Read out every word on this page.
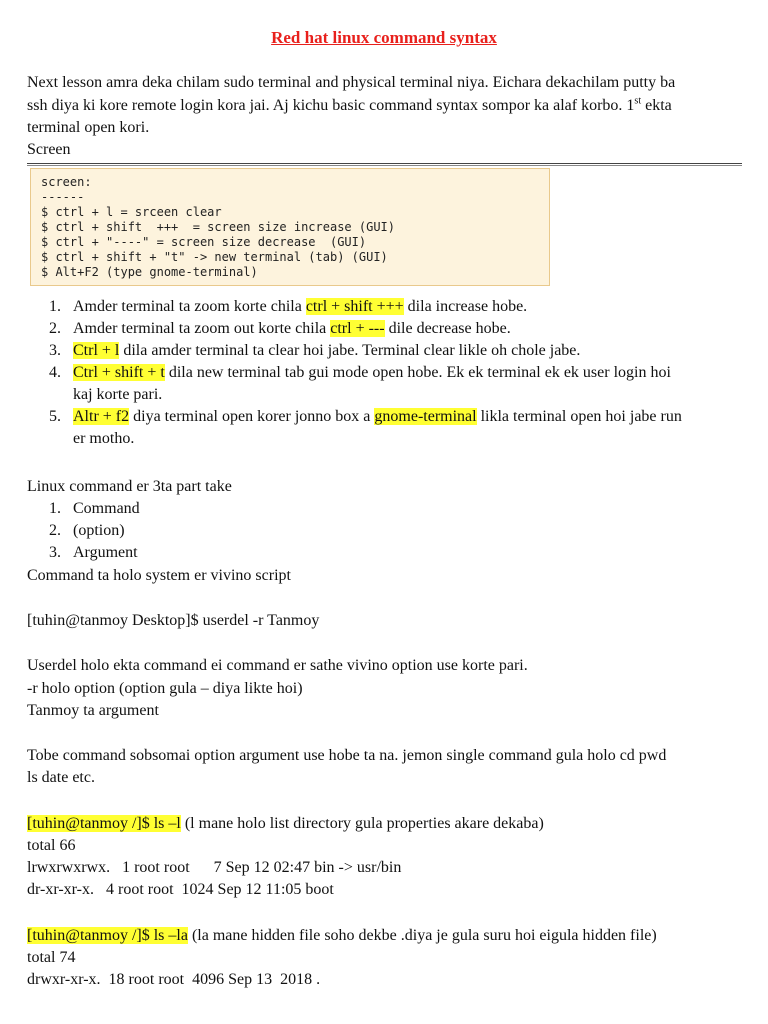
Red hat linux command syntax
Next lesson amra deka chilam sudo terminal and physical terminal niya. Eichara dekachilam putty ba
ssh diya ki kore remote login kora jai. Aj kichu basic command syntax sompor ka alaf korbo. 1st ekta
terminal open kori.
Screen
screen:
------
$ ctrl + l = srceen clear
$ ctrl + shift  +++  = screen size increase (GUI)
$ ctrl + "----" = screen size decrease  (GUI)
$ ctrl + shift + "t" -> new terminal (tab) (GUI)
$ Alt+F2 (type gnome-terminal)
1. Amder terminal ta zoom korte chila ctrl + shift +++ dila increase hobe.
2. Amder terminal ta zoom out korte chila ctrl + --- dile decrease hobe.
3. Ctrl + l dila amder terminal ta clear hoi jabe. Terminal clear likle oh chole jabe.
4. Ctrl + shift + t dila new terminal tab gui mode open hobe. Ek ek terminal ek ek user login hoi
kaj korte pari.
5. Altr + f2 diya terminal open korer jonno box a gnome-terminal likla terminal open hoi jabe run
er motho.
Linux command er 3ta part take
1. Command
2. (option)
3. Argument
Command ta holo system er vivino script
[tuhin@tanmoy Desktop]$ userdel -r Tanmoy
Userdel holo ekta command ei command er sathe vivino option use korte pari.
-r holo option (option gula – diya likte hoi)
Tanmoy ta argument
Tobe command sobsomai option argument use hobe ta na. jemon single command gula holo cd pwd
ls date etc.
[tuhin@tanmoy /]$ ls –l (l mane holo list directory gula properties akare dekaba)
total 66
lrwxrwxrwx.   1 root root      7 Sep 12 02:47 bin -> usr/bin
dr-xr-xr-x.   4 root root  1024 Sep 12 11:05 boot
[tuhin@tanmoy /]$ ls –la (la mane hidden file soho dekbe .diya je gula suru hoi eigula hidden file)
total 74
drwxr-xr-x.  18 root root  4096 Sep 13  2018 .
